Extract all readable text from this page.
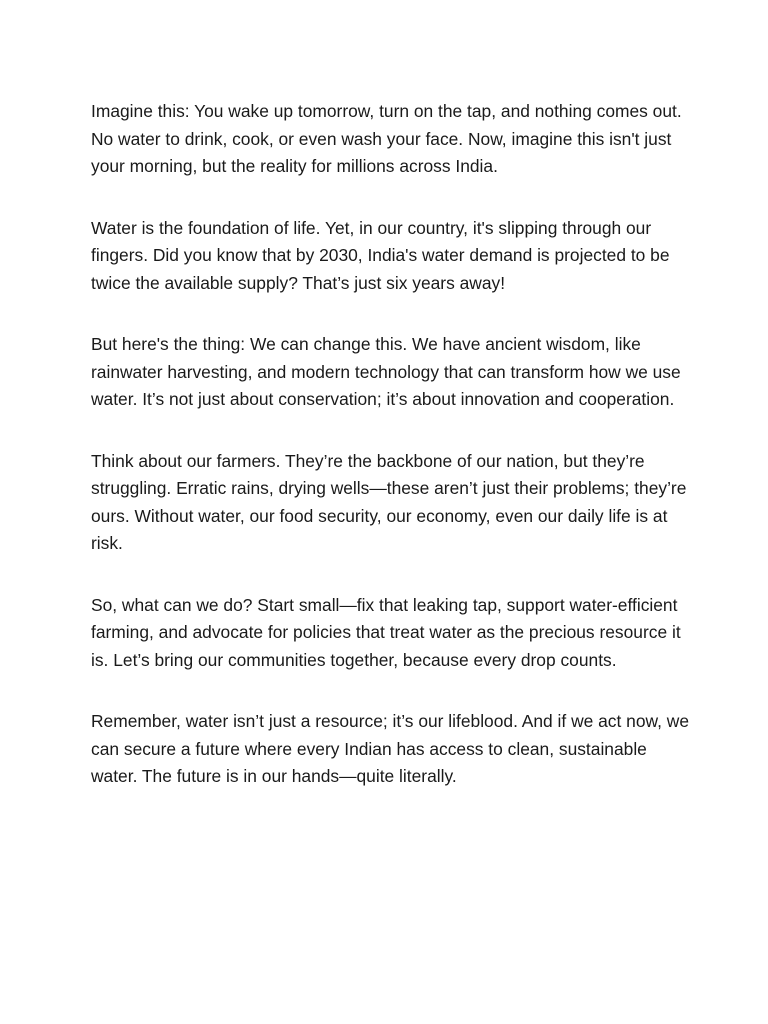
Imagine this: You wake up tomorrow, turn on the tap, and nothing comes out. No water to drink, cook, or even wash your face. Now, imagine this isn't just your morning, but the reality for millions across India.

Water is the foundation of life. Yet, in our country, it's slipping through our fingers. Did you know that by 2030, India's water demand is projected to be twice the available supply? That’s just six years away!

But here's the thing: We can change this. We have ancient wisdom, like rainwater harvesting, and modern technology that can transform how we use water. It’s not just about conservation; it’s about innovation and cooperation.

Think about our farmers. They’re the backbone of our nation, but they’re struggling. Erratic rains, drying wells—these aren’t just their problems; they’re ours. Without water, our food security, our economy, even our daily life is at risk.

So, what can we do? Start small—fix that leaking tap, support water-efficient farming, and advocate for policies that treat water as the precious resource it is. Let’s bring our communities together, because every drop counts.

Remember, water isn’t just a resource; it’s our lifeblood. And if we act now, we can secure a future where every Indian has access to clean, sustainable water. The future is in our hands—quite literally.
